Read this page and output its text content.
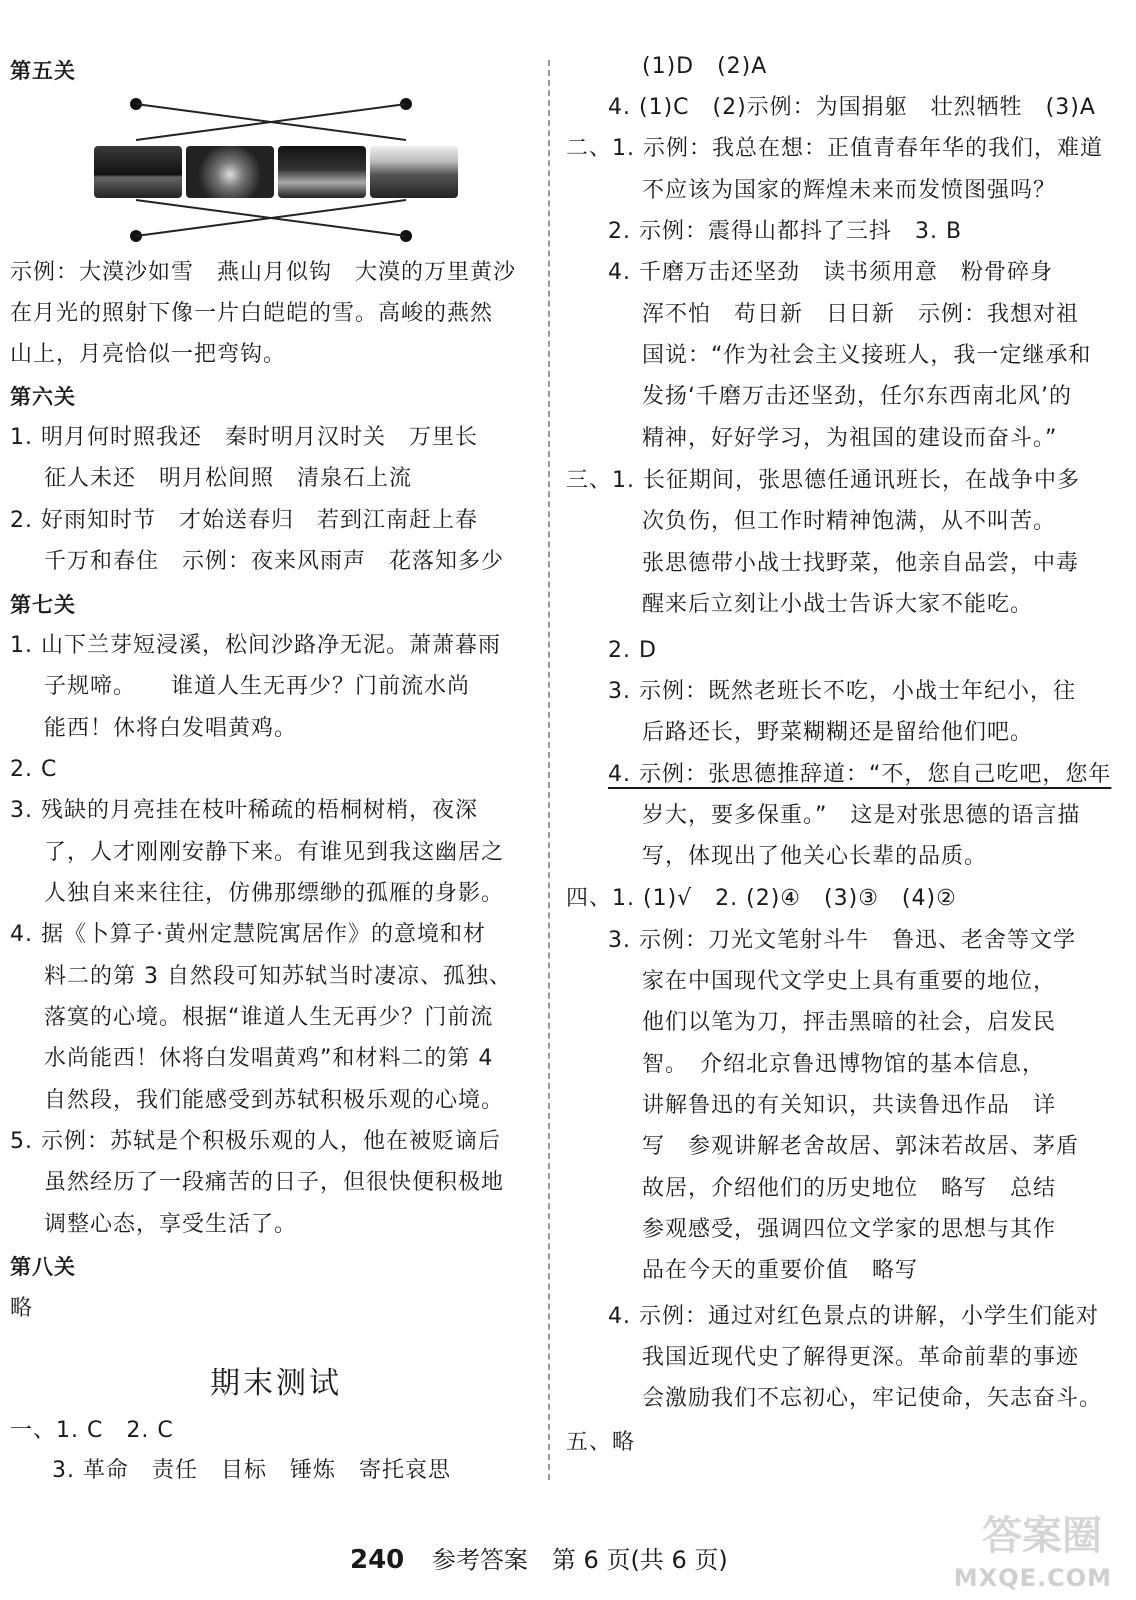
第五关
示例：大漠沙如雪　燕山月似钩　大漠的万里黄沙
在月光的照射下像一片白皑皑的雪。高峻的燕然
山上，月亮恰似一把弯钩。
第六关
1. 明月何时照我还　秦时明月汉时关　万里长
征人未还　明月松间照　清泉石上流
2. 好雨知时节　才始送春归　若到江南赶上春
千万和春住　示例：夜来风雨声　花落知多少
第七关
1. 山下兰芽短浸溪，松间沙路净无泥。萧萧暮雨
子规啼。　　谁道人生无再少？门前流水尚
能西！休将白发唱黄鸡。
2. C
3. 残缺的月亮挂在枝叶稀疏的梧桐树梢，夜深
了，人才刚刚安静下来。有谁见到我这幽居之
人独自来来往往，仿佛那缥缈的孤雁的身影。
4. 据《卜算子·黄州定慧院寓居作》的意境和材
料二的第 3 自然段可知苏轼当时凄凉、孤独、
落寞的心境。根据“谁道人生无再少？门前流
水尚能西！休将白发唱黄鸡”和材料二的第 4
自然段，我们能感受到苏轼积极乐观的心境。
5. 示例：苏轼是个积极乐观的人，他在被贬谪后
虽然经历了一段痛苦的日子，但很快便积极地
调整心态，享受生活了。
第八关
略
期末测试
一、1. C　2. C
3. 革命　责任　目标　锤炼　寄托哀思
(1)D　(2)A
4. (1)C　(2)示例：为国捐躯　壮烈牺牲　(3)A
二、1. 示例：我总在想：正值青春年华的我们，难道
不应该为国家的辉煌未来而发愤图强吗？
2. 示例：震得山都抖了三抖　3. B
4. 千磨万击还坚劲　读书须用意　粉骨碎身
浑不怕　苟日新　日日新　示例：我想对祖
国说：“作为社会主义接班人，我一定继承和
发扬‘千磨万击还坚劲，任尔东西南北风’的
精神，好好学习，为祖国的建设而奋斗。”
三、1. 长征期间，张思德任通讯班长，在战争中多
次负伤，但工作时精神饱满，从不叫苦。
张思德带小战士找野菜，他亲自品尝，中毒
醒来后立刻让小战士告诉大家不能吃。
2. D
3. 示例：既然老班长不吃，小战士年纪小，往
后路还长，野菜糊糊还是留给他们吧。
4. 示例：张思德推辞道：“不，您自己吃吧，您年
岁大，要多保重。”　这是对张思德的语言描
写，体现出了他关心长辈的品质。
四、1. (1)√　2. (2)④　(3)③　(4)②
3. 示例：刀光文笔射斗牛　鲁迅、老舍等文学
家在中国现代文学史上具有重要的地位，
他们以笔为刀，抨击黑暗的社会，启发民
智。　介绍北京鲁迅博物馆的基本信息，
讲解鲁迅的有关知识，共读鲁迅作品　详
写　参观讲解老舍故居、郭沫若故居、茅盾
故居，介绍他们的历史地位　略写　总结
参观感受，强调四位文学家的思想与其作
品在今天的重要价值　略写
4. 示例：通过对红色景点的讲解，小学生们能对
我国近现代史了解得更深。革命前辈的事迹
会激励我们不忘初心，牢记使命，矢志奋斗。
五、略
240 参考答案　第 6 页(共 6 页)
答案圈
MXQE.COM
